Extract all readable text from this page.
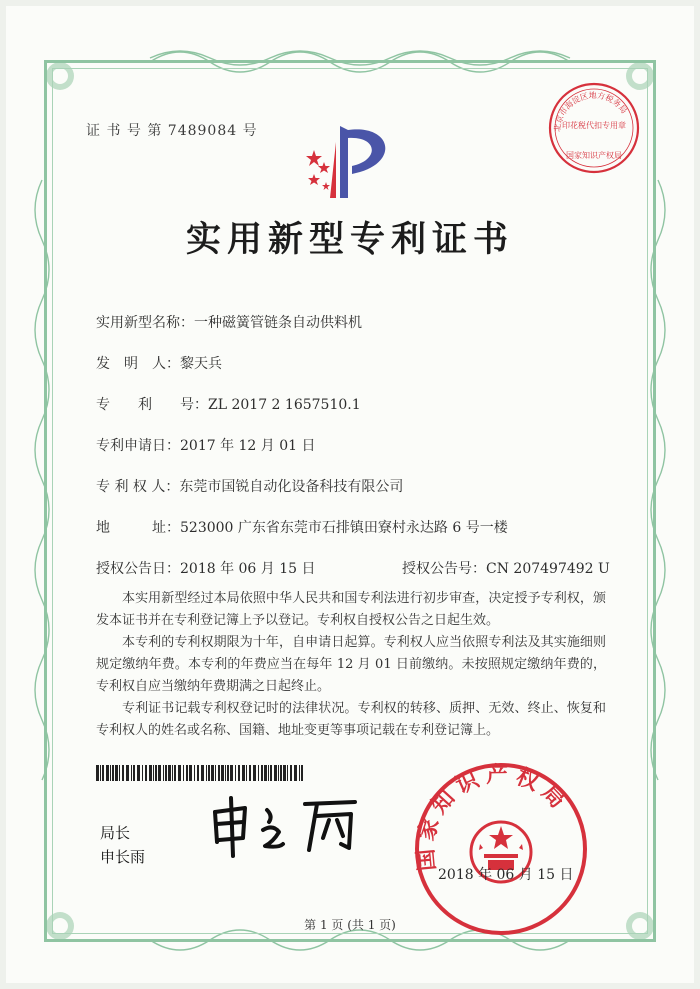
证 书 号 第 7489084 号	北京市海淀区地方税务局
印花税代扣专用章
国家知识产权局
实用新型专利证书
实用新型名称：一种磁簧管链条自动供料机
发　明　人：黎天兵
专　　利　　号：ZL 2017 2 1657510.1
专利申请日：2017 年 12 月 01 日
专 利 权 人：东莞市国锐自动化设备科技有限公司
地　　　址：523000 广东省东莞市石排镇田寮村永达路 6 号一楼
授权公告日：2018 年 06 月 15 日	授权公告号：CN 207497492 U
本实用新型经过本局依照中华人民共和国专利法进行初步审查，决定授予专利权，颁发本证书并在专利登记簿上予以登记。专利权自授权公告之日起生效。
本专利的专利权期限为十年，自申请日起算。专利权人应当依照专利法及其实施细则规定缴纳年费。本专利的年费应当在每年 12 月 01 日前缴纳。未按照规定缴纳年费的，专利权自应当缴纳年费期满之日起终止。
专利证书记载专利权登记时的法律状况。专利权的转移、质押、无效、终止、恢复和专利权人的姓名或名称、国籍、地址变更等事项记载在专利登记簿上。
局长
申长雨	国家知识产权局
2018 年 06 月 15 日
第 1 页 (共 1 页)
